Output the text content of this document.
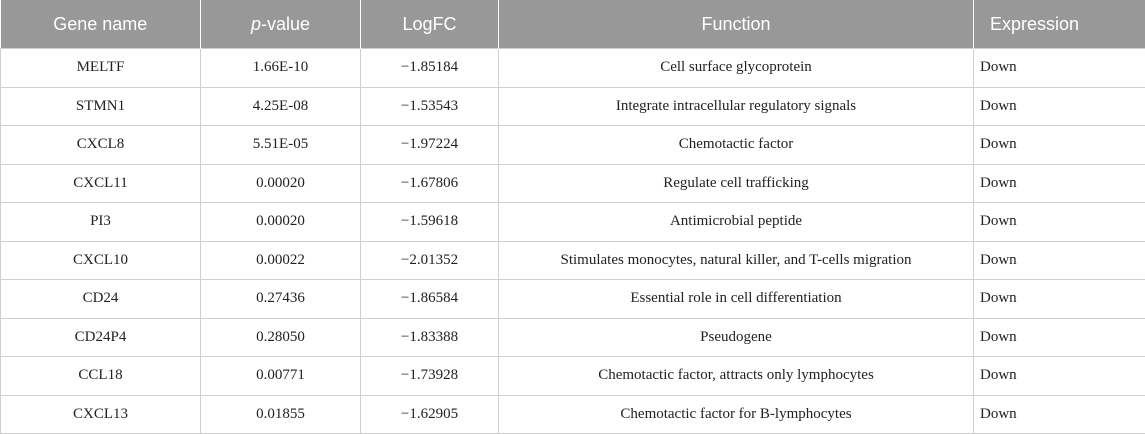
Gene name	p-value	LogFC	Function	Expression
MELTF	1.66E-10	−1.85184	Cell surface glycoprotein	Down
STMN1	4.25E-08	−1.53543	Integrate intracellular regulatory signals	Down
CXCL8	5.51E-05	−1.97224	Chemotactic factor	Down
CXCL11	0.00020	−1.67806	Regulate cell trafficking	Down
PI3	0.00020	−1.59618	Antimicrobial peptide	Down
CXCL10	0.00022	−2.01352	Stimulates monocytes, natural killer, and T-cells migration	Down
CD24	0.27436	−1.86584	Essential role in cell differentiation	Down
CD24P4	0.28050	−1.83388	Pseudogene	Down
CCL18	0.00771	−1.73928	Chemotactic factor, attracts only lymphocytes	Down
CXCL13	0.01855	−1.62905	Chemotactic factor for B-lymphocytes	Down
